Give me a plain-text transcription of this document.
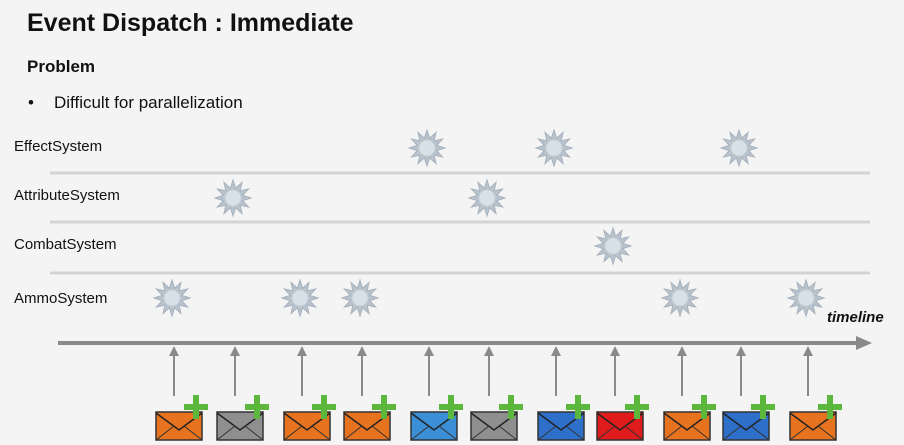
Event Dispatch : Immediate
Problem
• Difficult for parallelization
EffectSystem
AttributeSystem
CombatSystem
AmmoSystem
timeline
